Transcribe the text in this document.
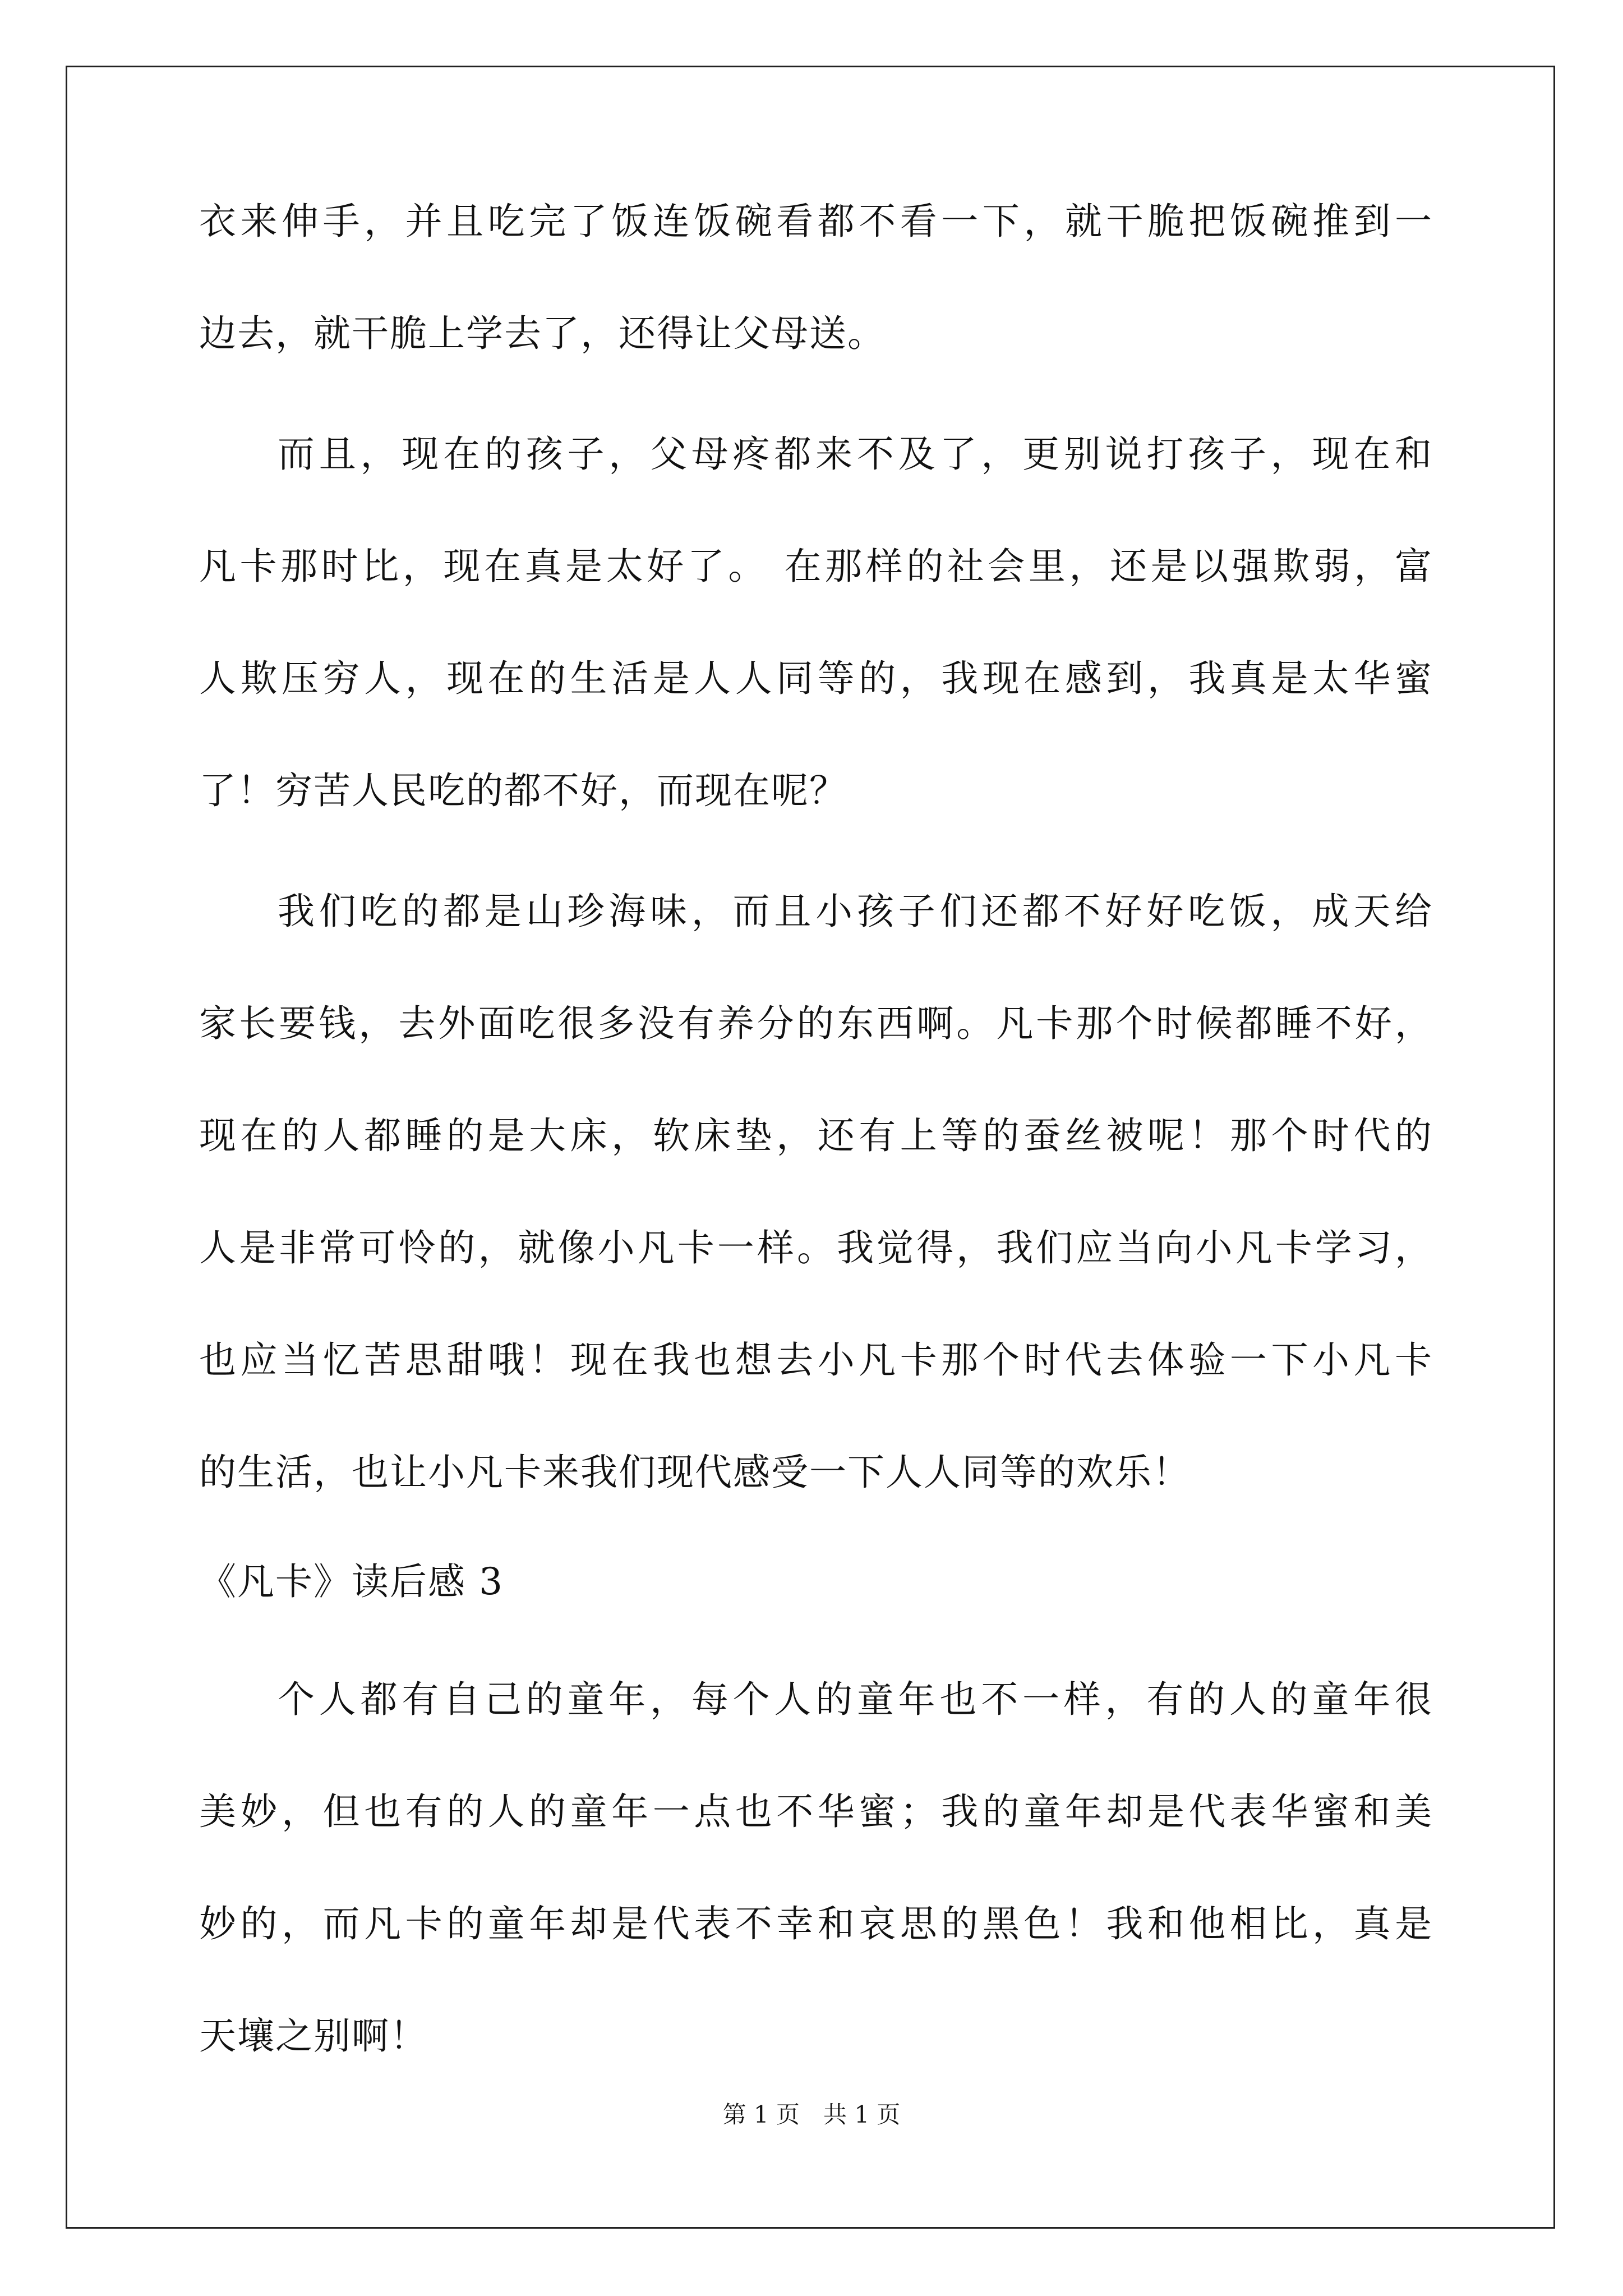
衣来伸手，并且吃完了饭连饭碗看都不看一下，就干脆把饭碗推到一
边去，就干脆上学去了，还得让父母送。
而且，现在的孩子，父母疼都来不及了，更别说打孩子，现在和
凡卡那时比，现在真是太好了。 在那样的社会里，还是以强欺弱，富
人欺压穷人，现在的生活是人人同等的，我现在感到，我真是太华蜜
了！穷苦人民吃的都不好，而现在呢？
我们吃的都是山珍海味，而且小孩子们还都不好好吃饭，成天给
家长要钱，去外面吃很多没有养分的东西啊。凡卡那个时候都睡不好，
现在的人都睡的是大床，软床垫，还有上等的蚕丝被呢！那个时代的
人是非常可怜的，就像小凡卡一样。我觉得，我们应当向小凡卡学习，
也应当忆苦思甜哦！现在我也想去小凡卡那个时代去体验一下小凡卡
的生活，也让小凡卡来我们现代感受一下人人同等的欢乐！
《凡卡》读后感 3
个人都有自己的童年，每个人的童年也不一样，有的人的童年很
美妙，但也有的人的童年一点也不华蜜；我的童年却是代表华蜜和美
妙的，而凡卡的童年却是代表不幸和哀思的黑色！我和他相比，真是
天壤之别啊！
第 1 页　共 1 页
